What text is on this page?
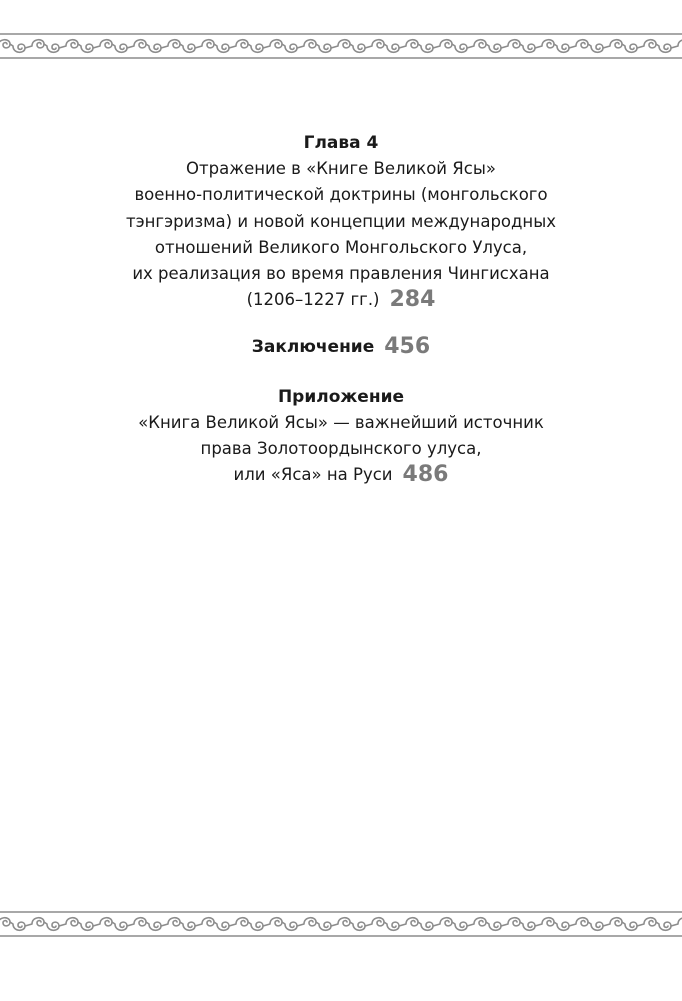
Глава 4
Отражение в «Книге Великой Ясы»
военно-политической доктрины (монгольского
тэнгэризма) и новой концепции международных
отношений Великого Монгольского Улуса,
их реализация во время правления Чингисхана
(1206–1227 гг.) 284
Заключение 456
Приложение
«Книга Великой Ясы» — важнейший источник
права Золотоордынского улуса,
или «Яса» на Руси 486
